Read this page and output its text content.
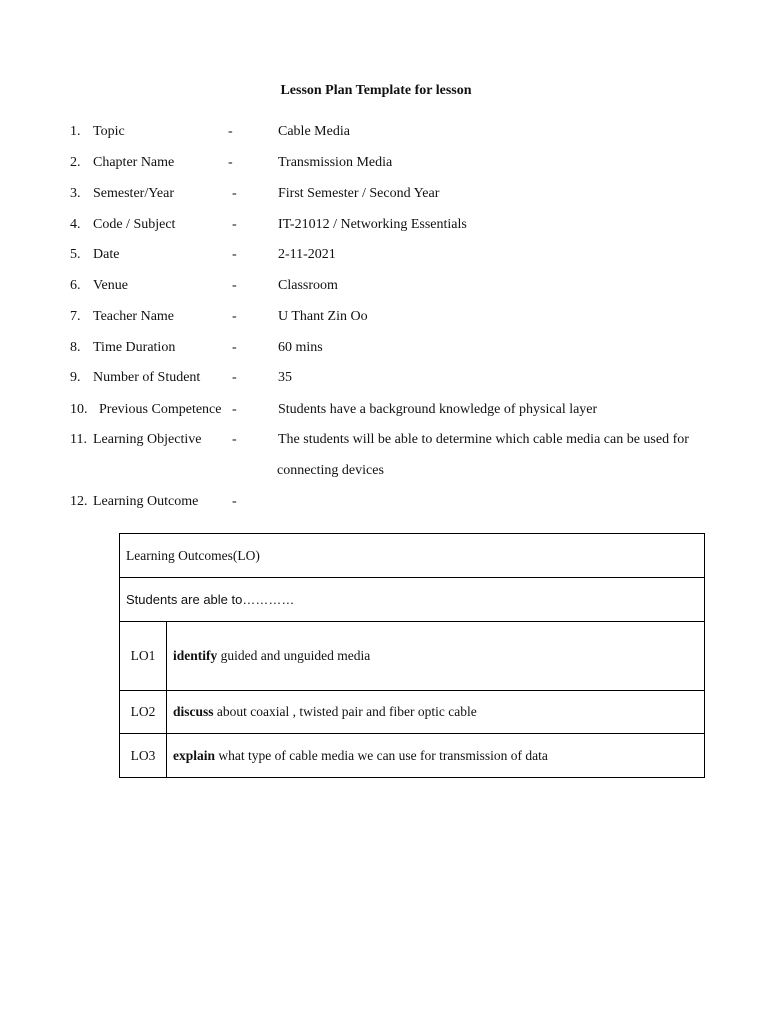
Lesson Plan Template for lesson
1. Topic	-	Cable Media
2. Chapter Name	-	Transmission Media
3. Semester/Year	-	First Semester / Second Year
4. Code / Subject	-	IT-21012 / Networking Essentials
5. Date	-	2-11-2021
6. Venue	-	Classroom
7. Teacher Name	-	U Thant Zin Oo
8. Time Duration	-	60 mins
9. Number of Student -	35
10. Previous Competence -	Students have a background knowledge of physical layer
11. Learning Objective -	The students will be able to determine which cable media can be used for
connecting devices
12. Learning Outcome -
Learning Outcomes(LO)	
Students are able to…………	
LO1	identify guided and unguided media
LO2	discuss about coaxial , twisted pair and fiber optic cable
LO3	explain what type of cable media we can use for transmission of data
